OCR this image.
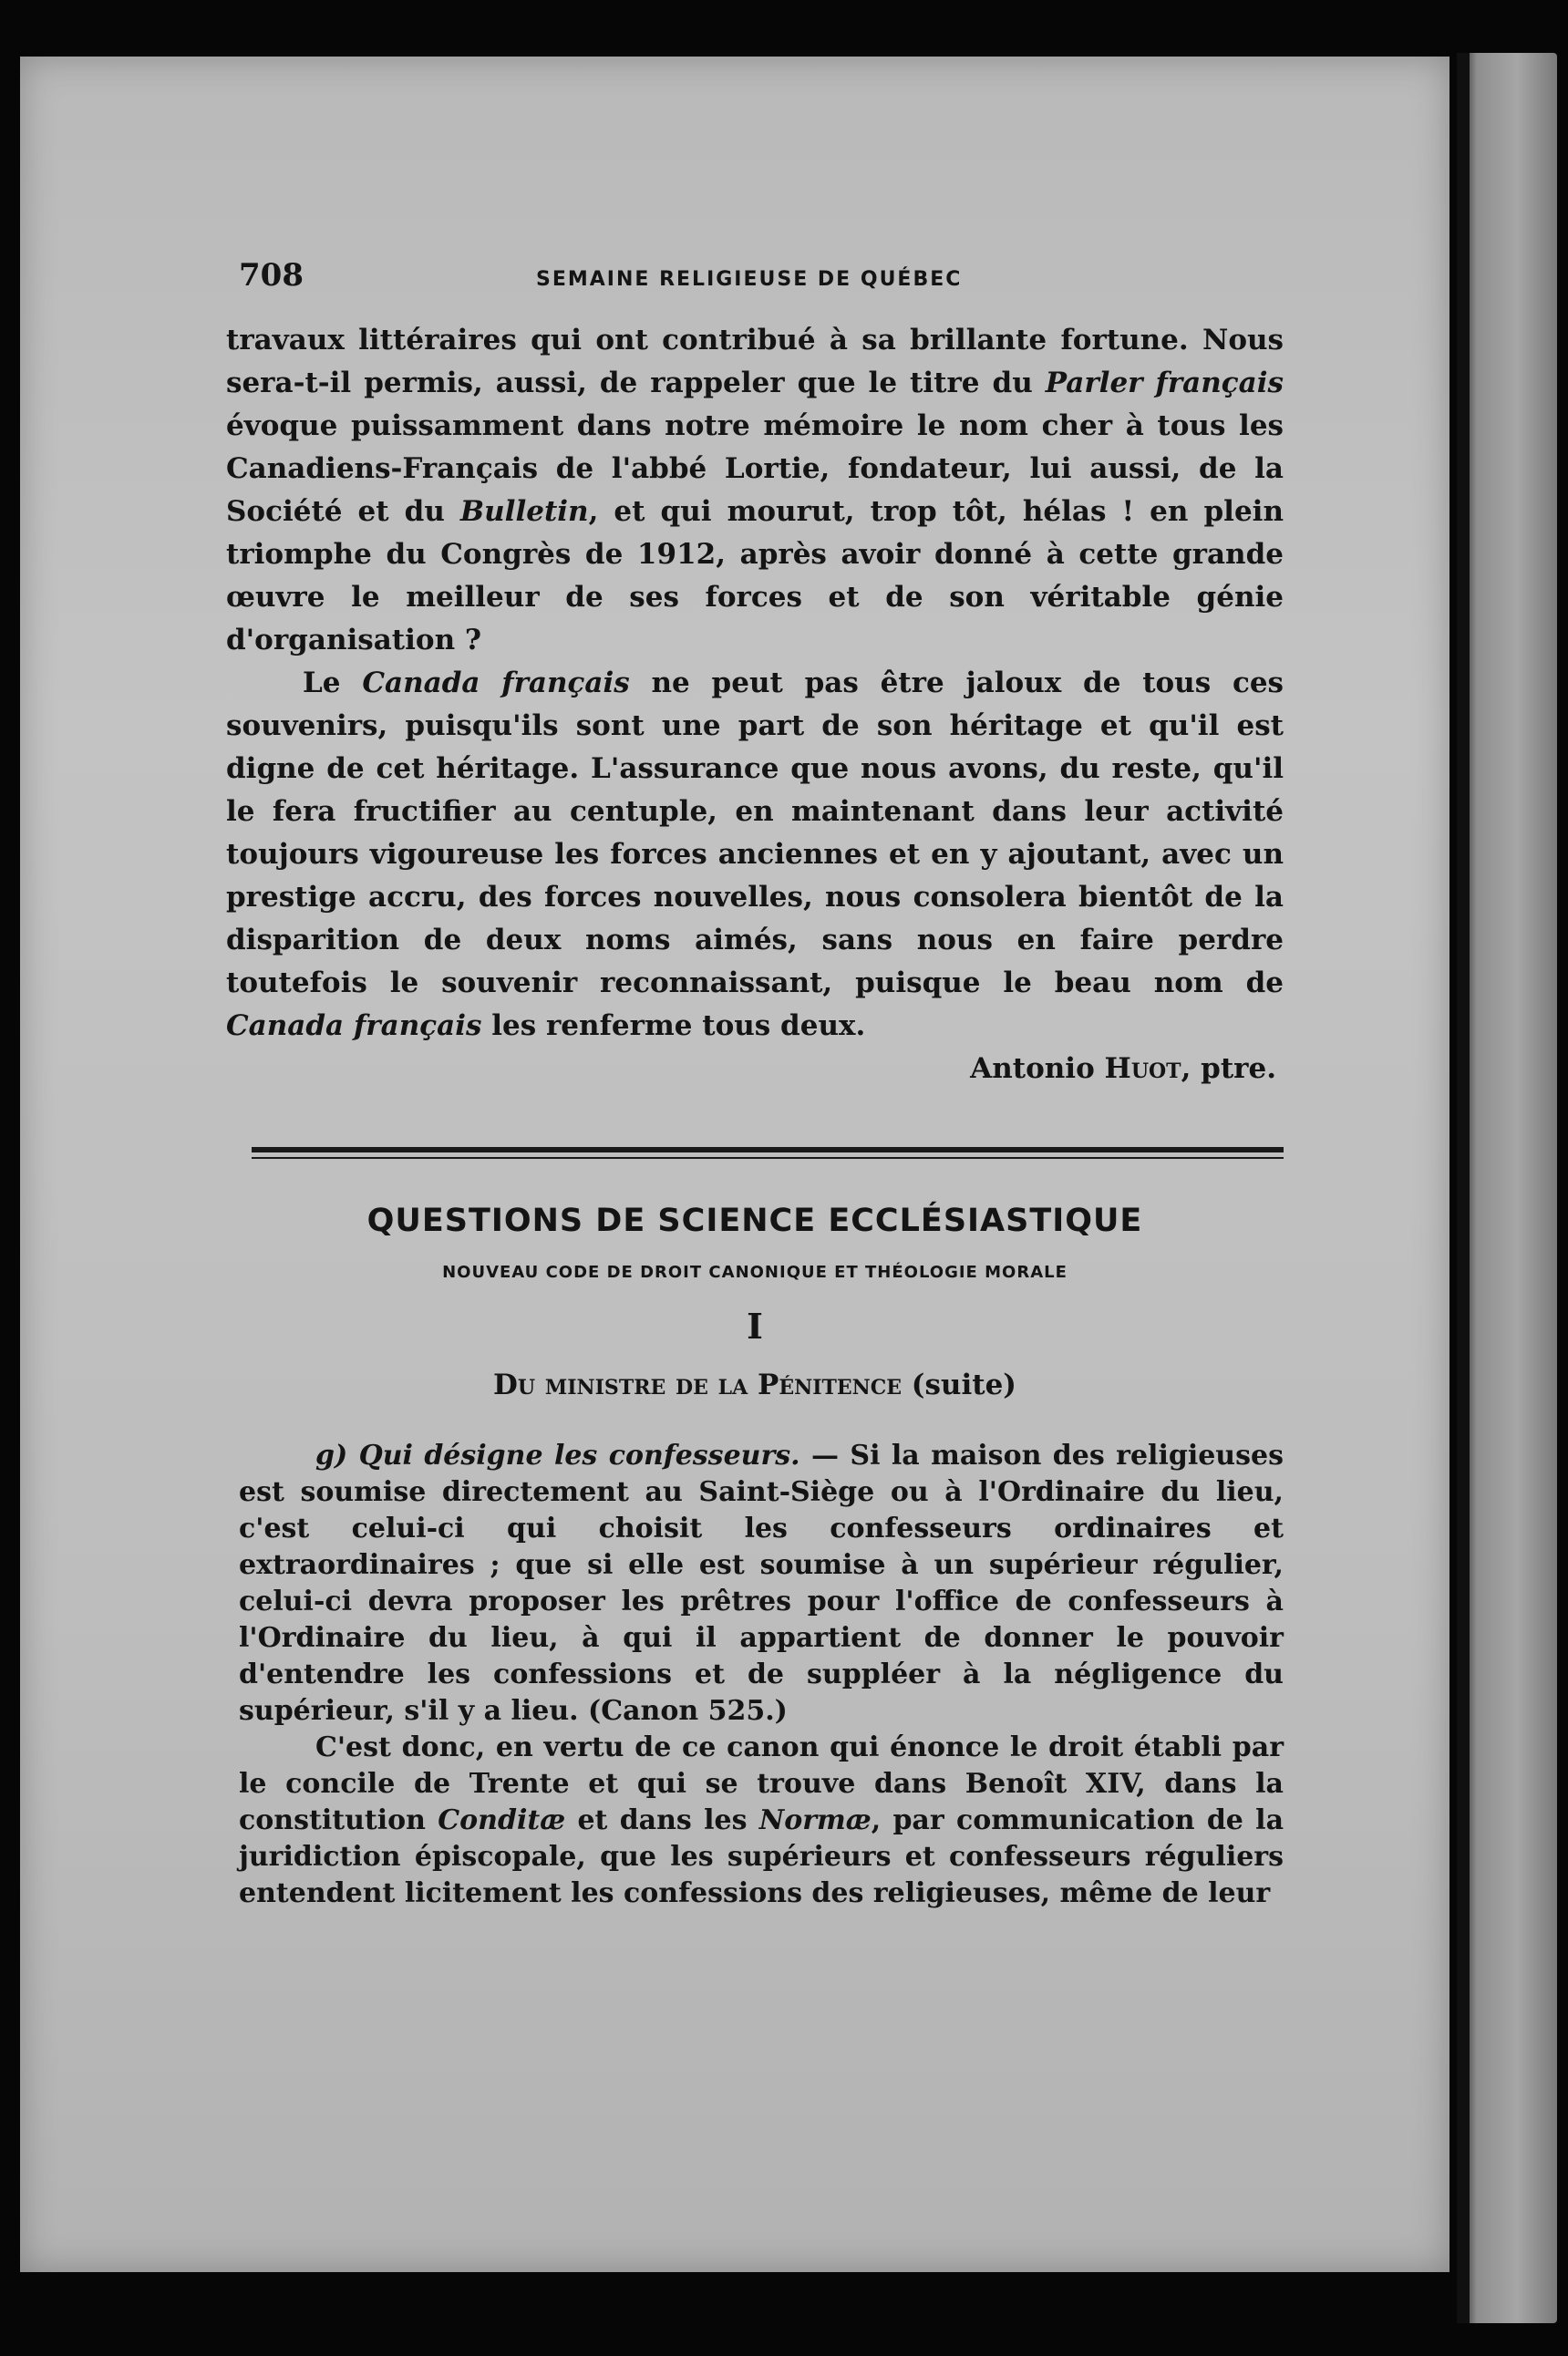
708	SEMAINE RELIGIEUSE DE QUÉBEC

travaux littéraires qui ont contribué à sa brillante fortune. Nous sera-t-il permis, aussi, de rappeler que le titre du Parler français évoque puissamment dans notre mémoire le nom cher à tous les Canadiens-Français de l'abbé Lortie, fondateur, lui aussi, de la Société et du Bulletin, et qui mourut, trop tôt, hélas ! en plein triomphe du Congrès de 1912, après avoir donné à cette grande œuvre le meilleur de ses forces et de son véritable génie d'organisation ?

Le Canada français ne peut pas être jaloux de tous ces souvenirs, puisqu'ils sont une part de son héritage et qu'il est digne de cet héritage. L'assurance que nous avons, du reste, qu'il le fera fructifier au centuple, en maintenant dans leur activité toujours vigoureuse les forces anciennes et en y ajoutant, avec un prestige accru, des forces nouvelles, nous consolera bientôt de la disparition de deux noms aimés, sans nous en faire perdre toutefois le souvenir reconnaissant, puisque le beau nom de Canada français les renferme tous deux.

Antonio Huot, ptre.

QUESTIONS DE SCIENCE ECCLÉSIASTIQUE
NOUVEAU CODE DE DROIT CANONIQUE ET THÉOLOGIE MORALE
I
Du ministre de la Pénitence (suite)

g) Qui désigne les confesseurs. — Si la maison des religieuses est soumise directement au Saint-Siège ou à l'Ordinaire du lieu, c'est celui-ci qui choisit les confesseurs ordinaires et extraordinaires ; que si elle est soumise à un supérieur régulier, celui-ci devra proposer les prêtres pour l'office de confesseurs à l'Ordinaire du lieu, à qui il appartient de donner le pouvoir d'entendre les confessions et de suppléer à la négligence du supérieur, s'il y a lieu. (Canon 525.)

C'est donc, en vertu de ce canon qui énonce le droit établi par le concile de Trente et qui se trouve dans Benoît XIV, dans la constitution Conditæ et dans les Normæ, par communication de la juridiction épiscopale, que les supérieurs et confesseurs réguliers entendent licitement les confessions des religieuses, même de leur
